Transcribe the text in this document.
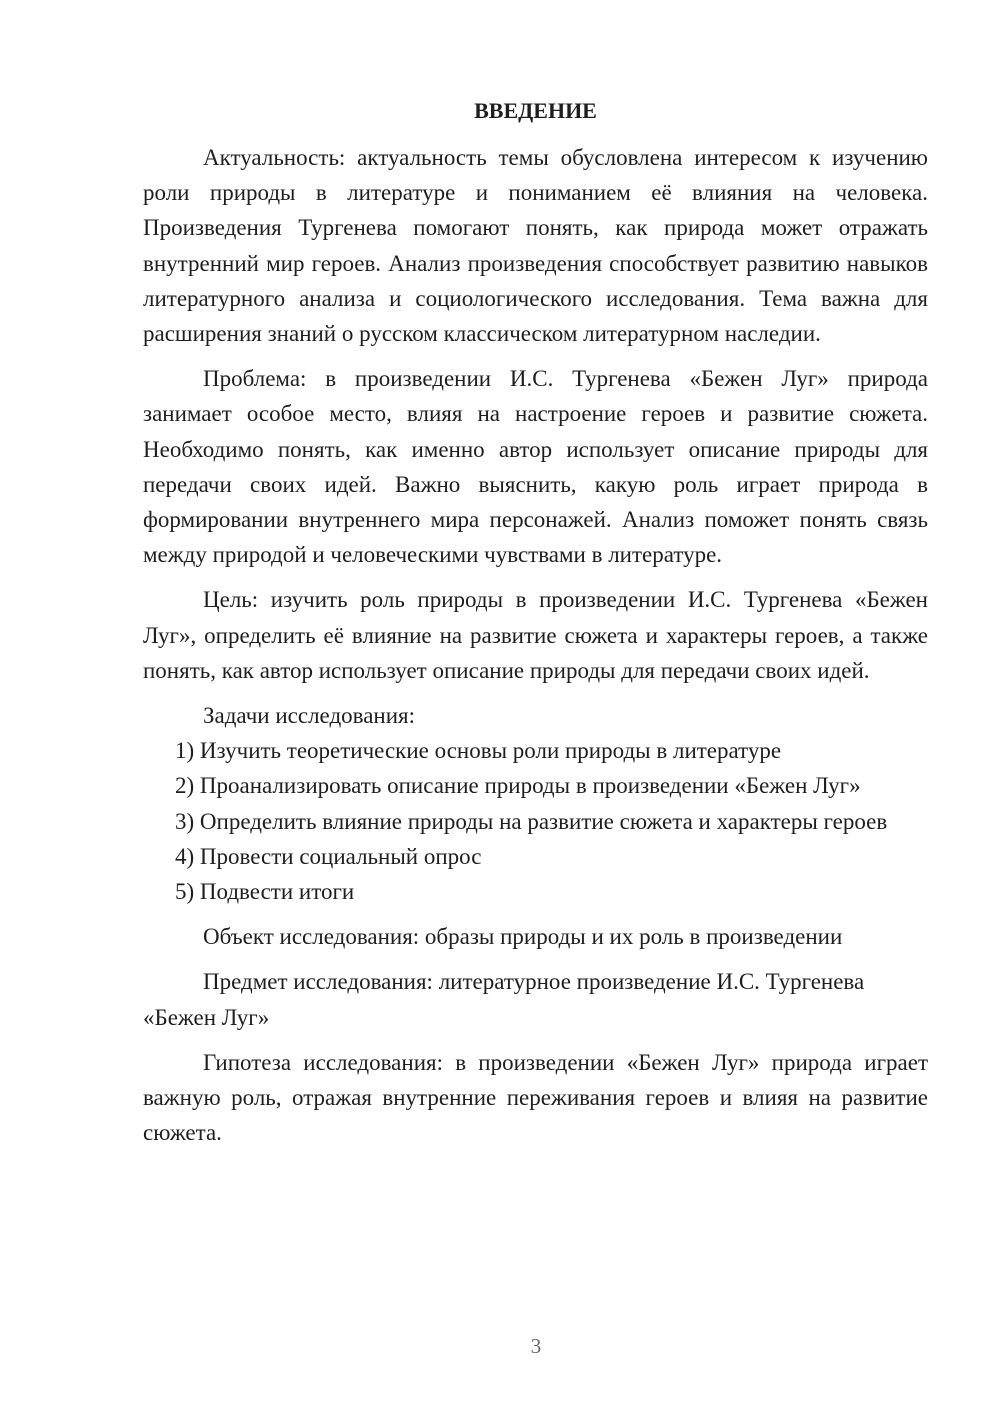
ВВЕДЕНИЕ

Актуальность: актуальность темы обусловлена интересом к изучению роли природы в литературе и пониманием её влияния на человека. Произведения Тургенева помогают понять, как природа может отражать внутренний мир героев. Анализ произведения способствует развитию навыков литературного анализа и социологического исследования. Тема важна для расширения знаний о русском классическом литературном наследии.

Проблема: в произведении И.С. Тургенева «Бежен Луг» природа занимает особое место, влияя на настроение героев и развитие сюжета. Необходимо понять, как именно автор использует описание природы для передачи своих идей. Важно выяснить, какую роль играет природа в формировании внутреннего мира персонажей. Анализ поможет понять связь между природой и человеческими чувствами в литературе.

Цель: изучить роль природы в произведении И.С. Тургенева «Бежен Луг», определить её влияние на развитие сюжета и характеры героев, а также понять, как автор использует описание природы для передачи своих идей.

Задачи исследования:

1) Изучить теоретические основы роли природы в литературе

2) Проанализировать описание природы в произведении «Бежен Луг»

3) Определить влияние природы на развитие сюжета и характеры героев

4) Провести социальный опрос

5) Подвести итоги

Объект исследования: образы природы и их роль в произведении

Предмет исследования: литературное произведение И.С. Тургенева «Бежен Луг»

Гипотеза исследования: в произведении «Бежен Луг» природа играет важную роль, отражая внутренние переживания героев и влияя на развитие сюжета.

3
